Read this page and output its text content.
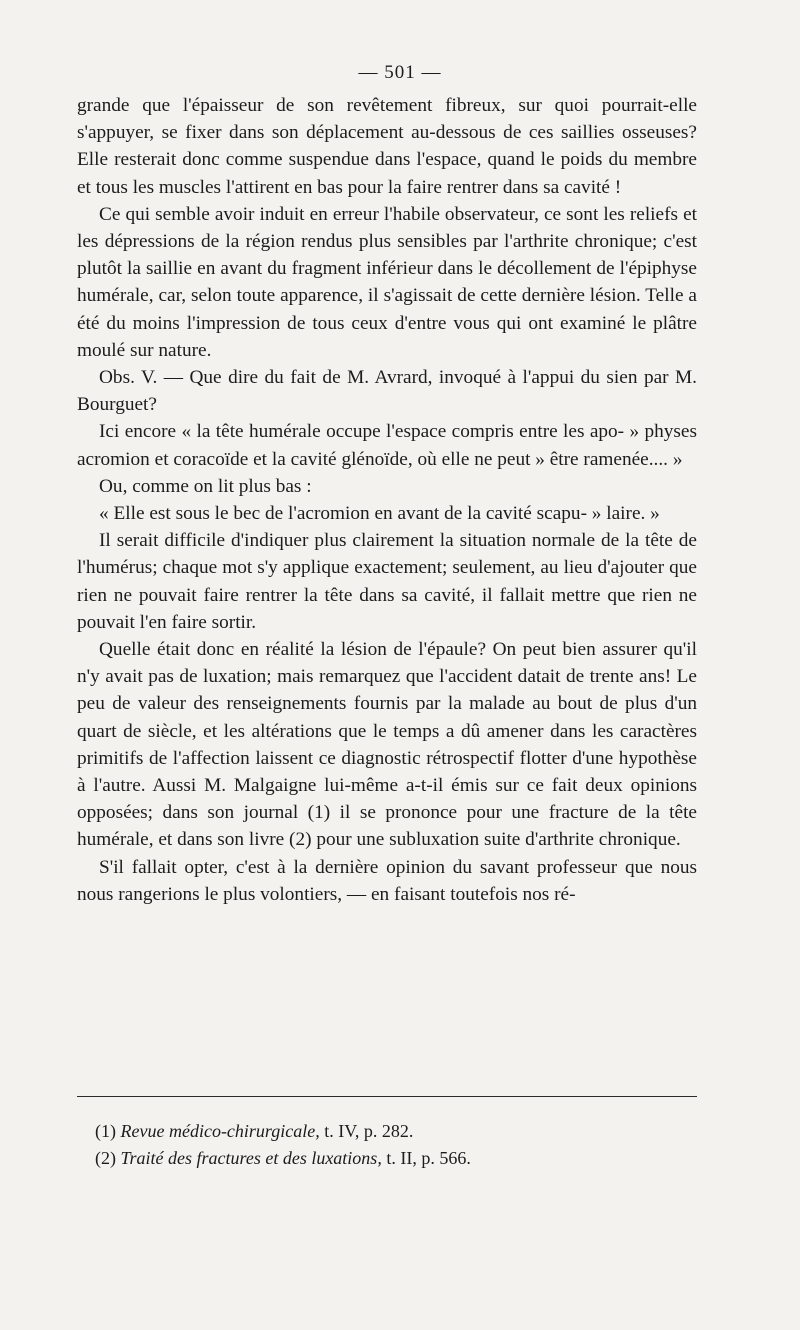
— 501 —

grande que l'épaisseur de son revêtement fibreux, sur quoi pourrait-elle s'appuyer, se fixer dans son déplacement au-dessous de ces saillies osseuses? Elle resterait donc comme suspendue dans l'espace, quand le poids du membre et tous les muscles l'attirent en bas pour la faire rentrer dans sa cavité !

Ce qui semble avoir induit en erreur l'habile observateur, ce sont les reliefs et les dépressions de la région rendus plus sensibles par l'arthrite chronique; c'est plutôt la saillie en avant du fragment inférieur dans le décollement de l'épiphyse humérale, car, selon toute apparence, il s'agissait de cette dernière lésion. Telle a été du moins l'impression de tous ceux d'entre vous qui ont examiné le plâtre moulé sur nature.

Obs. V. — Que dire du fait de M. Avrard, invoqué à l'appui du sien par M. Bourguet?

Ici encore « la tête humérale occupe l'espace compris entre les apo- » physes acromion et coracoïde et la cavité glénoïde, où elle ne peut » être ramenée.... »

Ou, comme on lit plus bas :

« Elle est sous le bec de l'acromion en avant de la cavité scapu- » laire. »

Il serait difficile d'indiquer plus clairement la situation normale de la tête de l'humérus; chaque mot s'y applique exactement; seulement, au lieu d'ajouter que rien ne pouvait faire rentrer la tête dans sa cavité, il fallait mettre que rien ne pouvait l'en faire sortir.

Quelle était donc en réalité la lésion de l'épaule? On peut bien assurer qu'il n'y avait pas de luxation; mais remarquez que l'accident datait de trente ans! Le peu de valeur des renseignements fournis par la malade au bout de plus d'un quart de siècle, et les altérations que le temps a dû amener dans les caractères primitifs de l'affection laissent ce diagnostic rétrospectif flotter d'une hypothèse à l'autre. Aussi M. Malgaigne lui-même a-t-il émis sur ce fait deux opinions opposées; dans son journal (1) il se prononce pour une fracture de la tête humérale, et dans son livre (2) pour une subluxation suite d'arthrite chronique.

S'il fallait opter, c'est à la dernière opinion du savant professeur que nous nous rangerions le plus volontiers, — en faisant toutefois nos ré-

(1) Revue médico-chirurgicale, t. IV, p. 282.

(2) Traité des fractures et des luxations, t. II, p. 566.
